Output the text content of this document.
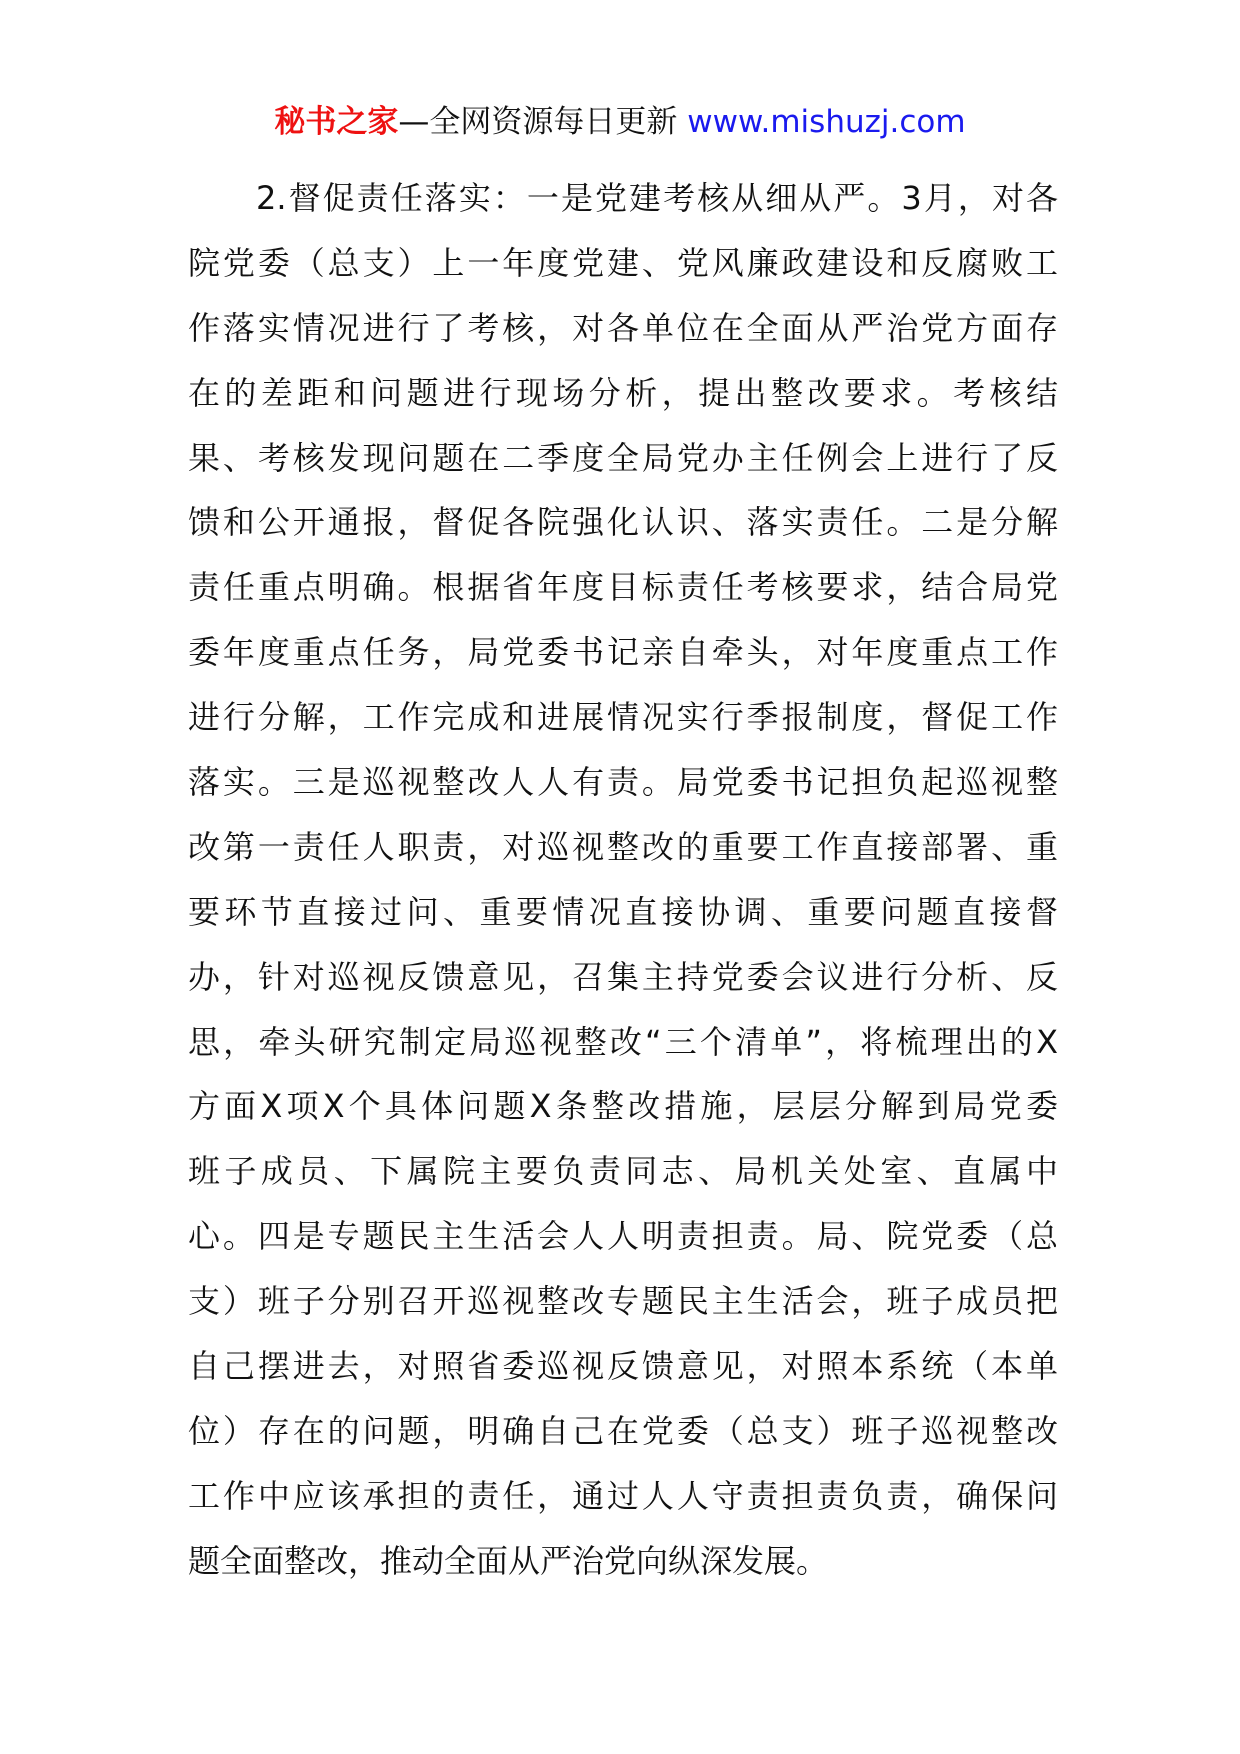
秘书之家—全网资源每日更新 www.mishuzj.com
2.督促责任落实：一是党建考核从细从严。3月，对各
院党委（总支）上一年度党建、党风廉政建设和反腐败工
作落实情况进行了考核，对各单位在全面从严治党方面存
在的差距和问题进行现场分析，提出整改要求。考核结
果、考核发现问题在二季度全局党办主任例会上进行了反
馈和公开通报，督促各院强化认识、落实责任。二是分解
责任重点明确。根据省年度目标责任考核要求，结合局党
委年度重点任务，局党委书记亲自牵头，对年度重点工作
进行分解，工作完成和进展情况实行季报制度，督促工作
落实。三是巡视整改人人有责。局党委书记担负起巡视整
改第一责任人职责，对巡视整改的重要工作直接部署、重
要环节直接过问、重要情况直接协调、重要问题直接督
办，针对巡视反馈意见，召集主持党委会议进行分析、反
思，牵头研究制定局巡视整改“三个清单”，将梳理出的X
方面X项X个具体问题X条整改措施，层层分解到局党委
班子成员、下属院主要负责同志、局机关处室、直属中
心。四是专题民主生活会人人明责担责。局、院党委（总
支）班子分别召开巡视整改专题民主生活会，班子成员把
自己摆进去，对照省委巡视反馈意见，对照本系统（本单
位）存在的问题，明确自己在党委（总支）班子巡视整改
工作中应该承担的责任，通过人人守责担责负责，确保问
题全面整改，推动全面从严治党向纵深发展。
